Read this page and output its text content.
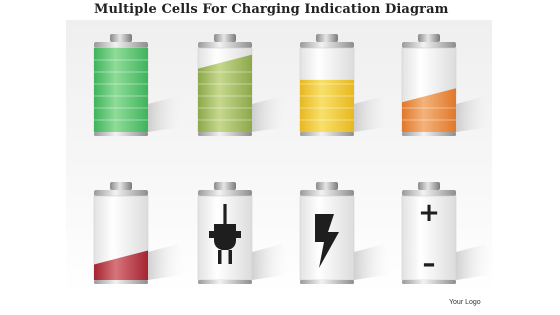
Multiple Cells For Charging Indication Diagram
+
–
Your Logo
